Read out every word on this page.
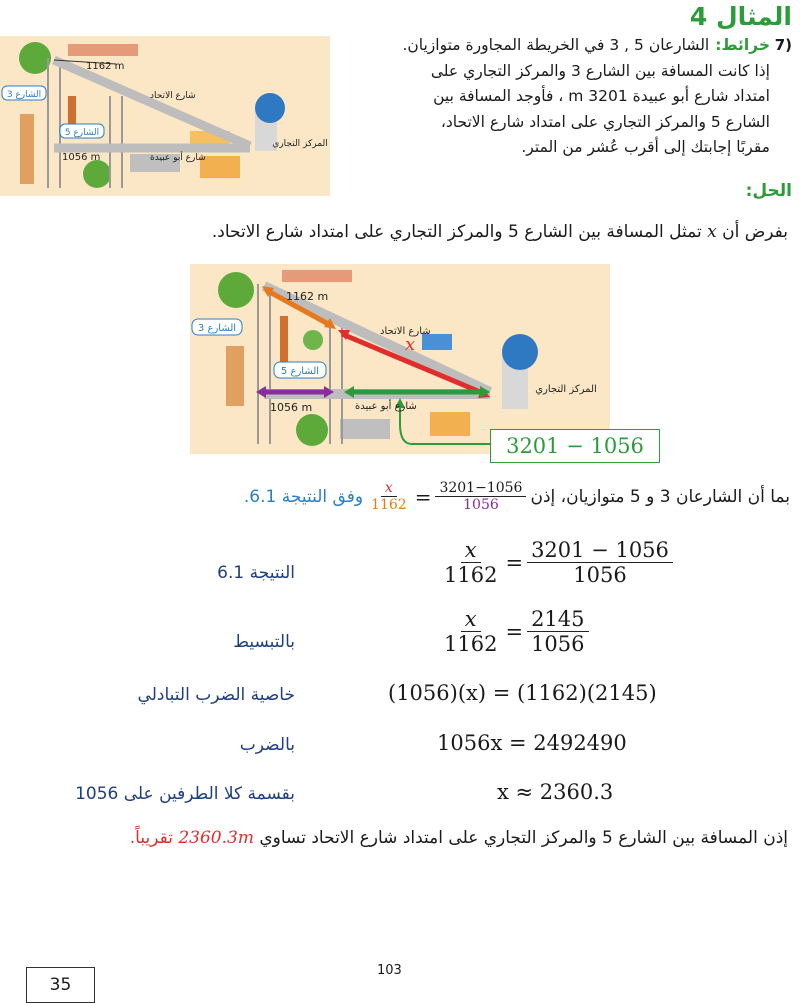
المثال 4
7)
خرائط:الشارعان 5 , 3 في الخريطة المجاورة متوازيان.
إذا كانت المسافة بين الشارع 3 والمركز التجاري على
امتداد شارع أبو عبيدة 3201 m ، فأوجد المسافة بين
الشارع 5 والمركز التجاري على امتداد شارع الاتحاد،
مقربًا إجابتك إلى أقرب عُشر من المتر.
1162 m
1056 m
الشارع 3
الشارع 5
شارع الاتحاد
شارع أبو عبيدة
المركز التجاري
الحل:
بفرض أن x تمثل المسافة بين الشارع 5 والمركز التجاري على امتداد شارع الاتحاد.
1162 m
1056 m
x
الشارع 3
الشارع 5
شارع الاتحاد
شارع أبو عبيدة
المركز التجاري
3201 − 1056
بما أن الشارعان 3 و 5 متوازيان، إذن
$\frac{3201-1056}{1056}$
=
$\frac{x}{1162}$
وفق النتيجة 6.1.
النتيجة 6.1	$\frac{x}{1162} = \frac{3201 - 1056}{1056}$
بالتبسيط	$\frac{x}{1162} = \frac{2145}{1056}$
خاصية الضرب التبادلي	(1056)(x) = (1162)(2145)
بالضرب	1056x = 2492490
بقسمة كلا الطرفين على 1056	x ≈ 2360.3
إذن المسافة بين الشارع 5 والمركز التجاري على امتداد شارع الاتحاد تساوي 2360.3m تقريباً.
103
35
